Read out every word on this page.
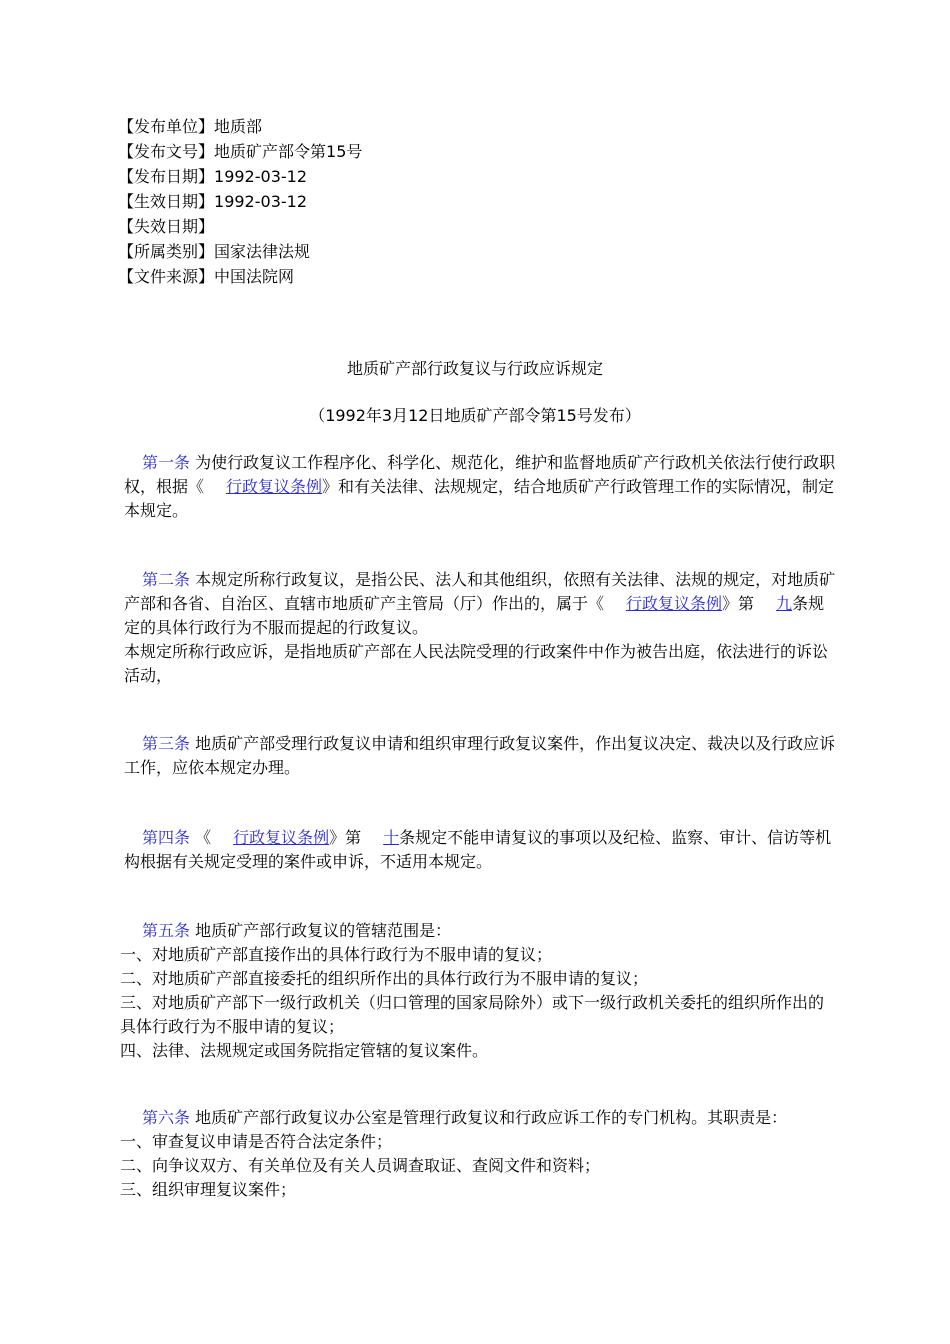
【发布单位】地质部
【发布文号】地质矿产部令第15号
【发布日期】1992-03-12
【生效日期】1992-03-12
【失效日期】
【所属类别】国家法律法规
【文件来源】中国法院网
地质矿产部行政复议与行政应诉规定
（1992年3月12日地质矿产部令第15号发布）

第一条 为使行政复议工作程序化、科学化、规范化，维护和监督地质矿产行政机关依法行使行政职权，根据《 行政复议条例》和有关法律、法规规定，结合地质矿产行政管理工作的实际情况，制定本规定。

第二条 本规定所称行政复议，是指公民、法人和其他组织，依照有关法律、法规的规定，对地质矿产部和各省、自治区、直辖市地质矿产主管局（厅）作出的，属于《 行政复议条例》第 九条规定的具体行政行为不服而提起的行政复议。

本规定所称行政应诉，是指地质矿产部在人民法院受理的行政案件中作为被告出庭，依法进行的诉讼活动，

第三条 地质矿产部受理行政复议申请和组织审理行政复议案件，作出复议决定、裁决以及行政应诉工作，应依本规定办理。

第四条 《 行政复议条例》第 十条规定不能申请复议的事项以及纪检、监察、审计、信访等机构根据有关规定受理的案件或申诉，不适用本规定。

第五条 地质矿产部行政复议的管辖范围是：

一、对地质矿产部直接作出的具体行政行为不服申请的复议；

二、对地质矿产部直接委托的组织所作出的具体行政行为不服申请的复议；

三、对地质矿产部下一级行政机关（归口管理的国家局除外）或下一级行政机关委托的组织所作出的具体行政行为不服申请的复议；

四、法律、法规规定或国务院指定管辖的复议案件。

第六条 地质矿产部行政复议办公室是管理行政复议和行政应诉工作的专门机构。其职责是：

一、审查复议申请是否符合法定条件；

二、向争议双方、有关单位及有关人员调查取证、查阅文件和资料；

三、组织审理复议案件；
